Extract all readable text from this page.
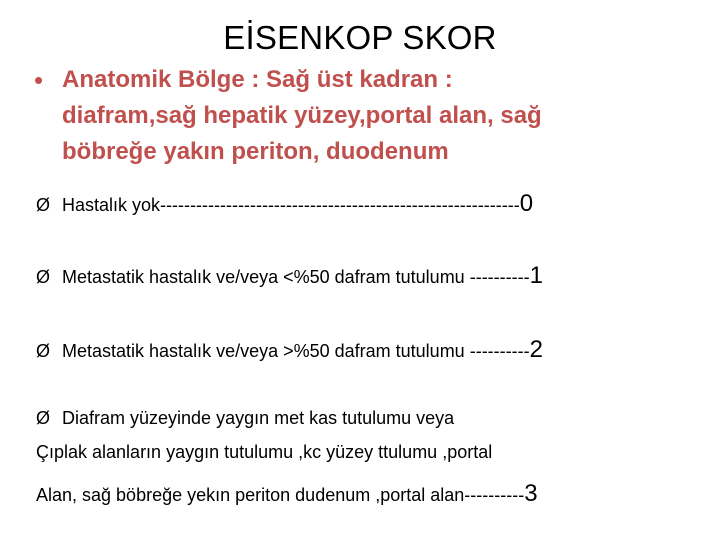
EİSENKOP SKOR
• Anatomik Bölge : Sağ üst kadran :
diafram,sağ hepatik yüzey,portal alan, sağ
böbreğe yakın periton, duodenum
Ø Hastalık yok------------------------------------------------------------0
Ø Metastatik hastalık ve/veya <%50 dafram tutulumu ----------1
Ø Metastatik hastalık ve/veya >%50 dafram tutulumu ----------2
Ø Diafram yüzeyinde yaygın met kas tutulumu veya
Çıplak alanların yaygın tutulumu ,kc yüzey ttulumu ,portal
Alan, sağ böbreğe yekın periton dudenum ,portal alan----------3
